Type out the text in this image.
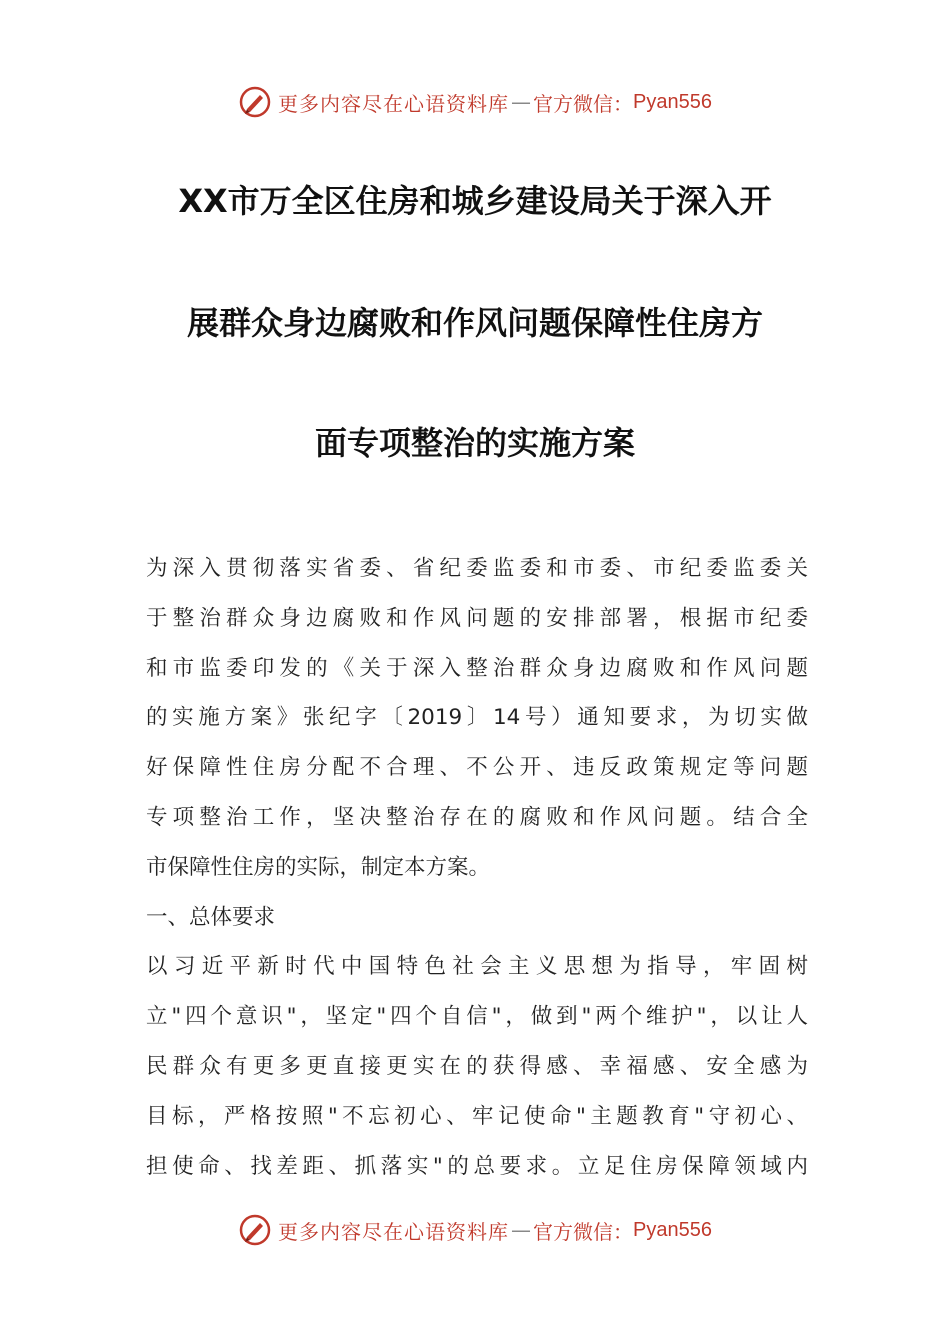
更多内容尽在心语资料库 — 官方微信： Pyan556
XX市万全区住房和城乡建设局关于深入开
展群众身边腐败和作风问题保障性住房方
面专项整治的实施方案
为深入贯彻落实省委、省纪委监委和市委、市纪委监委关
于整治群众身边腐败和作风问题的安排部署，根据市纪委
和市监委印发的《关于深入整治群众身边腐败和作风问题
的实施方案》张纪字〔2019〕14号）通知要求，为切实做
好保障性住房分配不合理、不公开、违反政策规定等问题
专项整治工作，坚决整治存在的腐败和作风问题。结合全
市保障性住房的实际，制定本方案。
一、总体要求
以习近平新时代中国特色社会主义思想为指导，牢固树
立"四个意识"，坚定"四个自信"，做到"两个维护"，以让人
民群众有更多更直接更实在的获得感、幸福感、安全感为
目标，严格按照"不忘初心、牢记使命"主题教育"守初心、
担使命、找差距、抓落实"的总要求。立足住房保障领域内
更多内容尽在心语资料库 — 官方微信： Pyan556
